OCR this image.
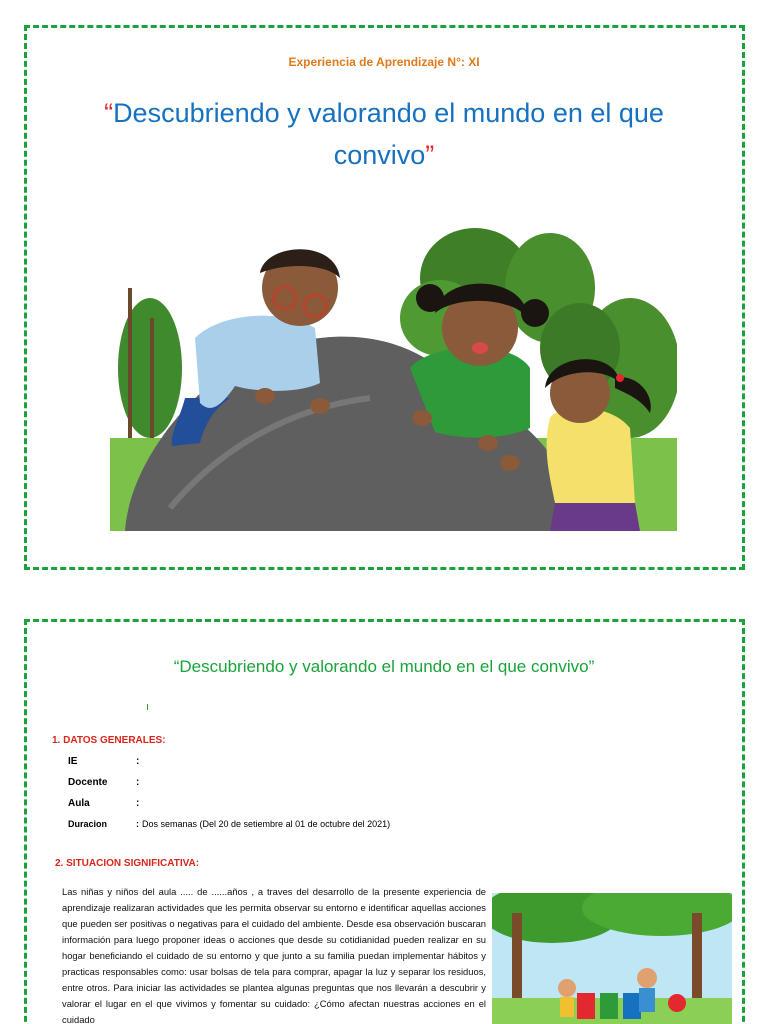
Experiencia de Aprendizaje N°: XI
“Descubriendo y valorando el mundo en el que convivo”
“Descubriendo y valorando el mundo en el que convivo”
1. DATOS GENERALES:
IE	:
Docente	:
Aula	:
Duracion	: Dos semanas (Del 20 de setiembre al 01 de octubre del 2021)
2. SITUACION SIGNIFICATIVA:
Las niñas y niños del aula ..... de ......años , a traves del desarrollo de la presente experiencia de aprendizaje realizaran actividades que les permita observar su entorno e identificar aquellas acciones que pueden ser positivas o negativas para el cuidado del ambiente. Desde esa observación buscaran información para luego proponer ideas o acciones que desde su cotidianidad pueden realizar en su hogar beneficiando el cuidado de su entorno y que junto a su familia puedan implementar hábitos y practicas responsables como: usar bolsas de tela para comprar, apagar la luz y separar los residuos, entre otros. Para iniciar las actividades se plantea algunas preguntas que nos llevarán a descubrir y valorar el lugar en el que vivimos y fomentar su cuidado: ¿Cómo afectan nuestras acciones en el cuidado
